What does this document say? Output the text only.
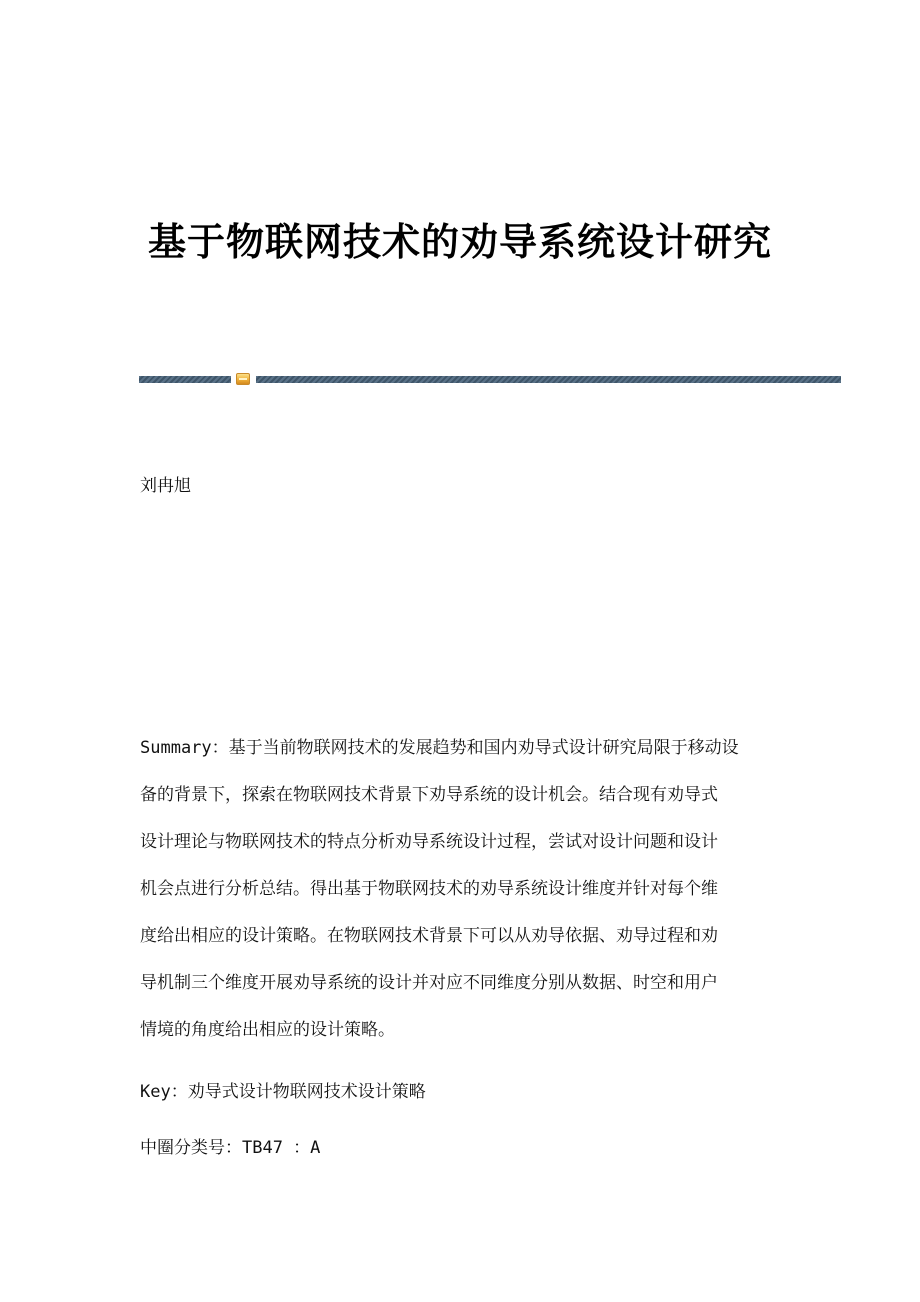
基于物联网技术的劝导系统设计研究
刘冉旭
Summary：基于当前物联网技术的发展趋势和国内劝导式设计研究局限于移动设
备的背景下，探索在物联网技术背景下劝导系统的设计机会。结合现有劝导式
设计理论与物联网技术的特点分析劝导系统设计过程，尝试对设计问题和设计
机会点进行分析总结。得出基于物联网技术的劝导系统设计维度并针对每个维
度给出相应的设计策略。在物联网技术背景下可以从劝导依据、劝导过程和劝
导机制三个维度开展劝导系统的设计并对应不同维度分别从数据、时空和用户
情境的角度给出相应的设计策略。
Key：劝导式设计物联网技术设计策略
中圈分类号：TB47 ：A
